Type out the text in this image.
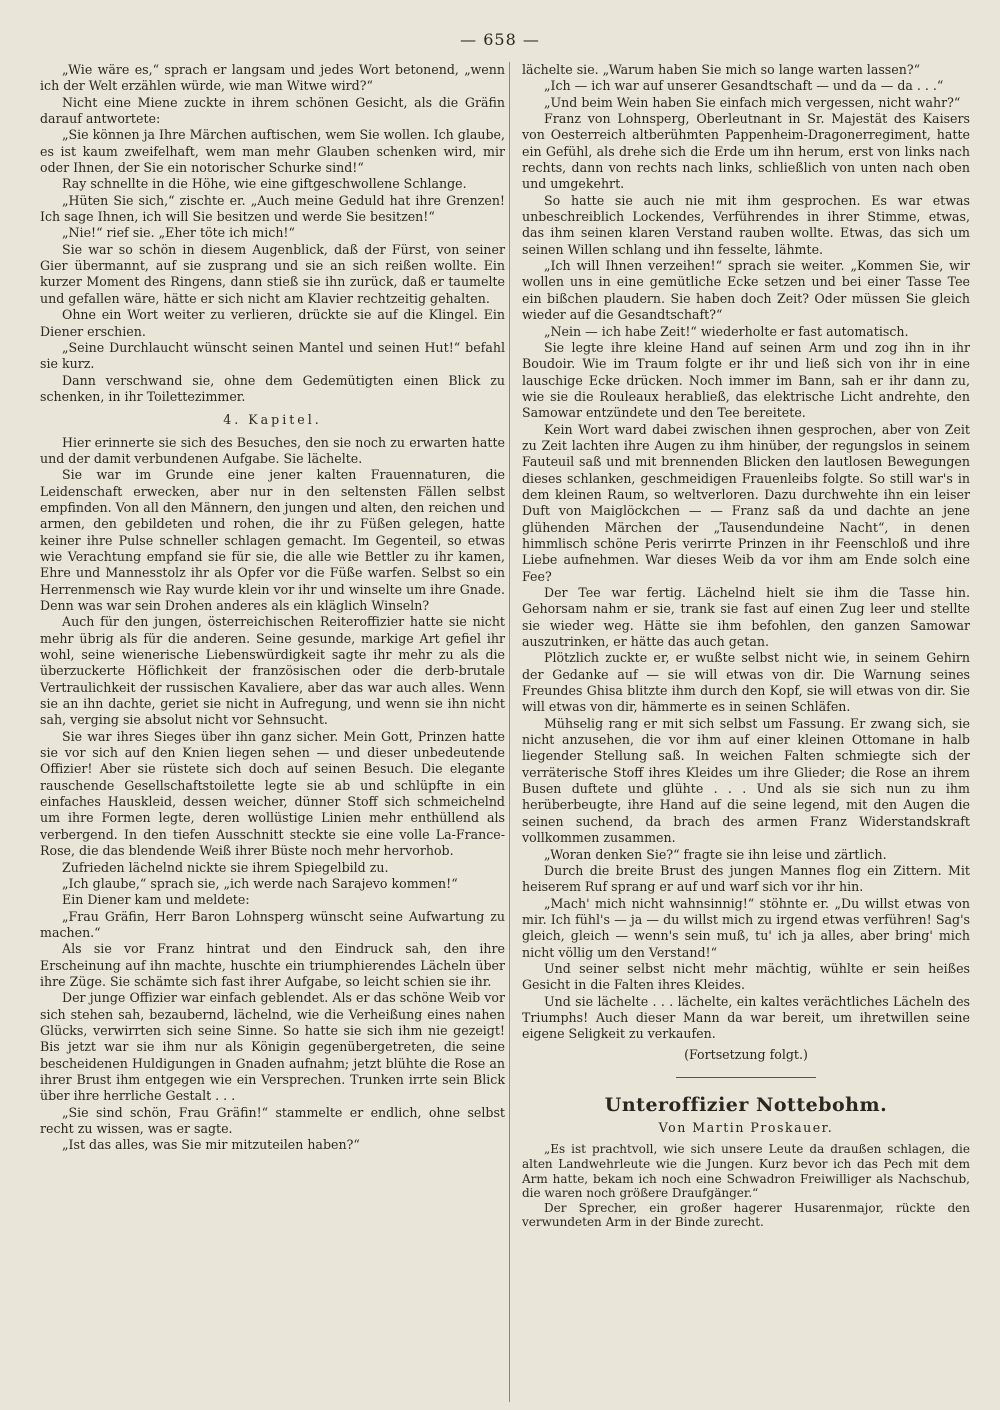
— 658 —

„Wie wäre es,“ sprach er langsam und jedes Wort betonend, „wenn ich der Welt erzählen würde, wie man Witwe wird?“

Nicht eine Miene zuckte in ihrem schönen Gesicht, als die Gräfin darauf antwortete:

„Sie können ja Ihre Märchen auftischen, wem Sie wollen. Ich glaube, es ist kaum zweifelhaft, wem man mehr Glauben schenken wird, mir oder Ihnen, der Sie ein notorischer Schurke sind!“

Ray schnellte in die Höhe, wie eine giftgeschwollene Schlange.

„Hüten Sie sich,“ zischte er. „Auch meine Geduld hat ihre Grenzen! Ich sage Ihnen, ich will Sie besitzen und werde Sie besitzen!“

„Nie!“ rief sie. „Eher töte ich mich!“

Sie war so schön in diesem Augenblick, daß der Fürst, von seiner Gier übermannt, auf sie zusprang und sie an sich reißen wollte. Ein kurzer Moment des Ringens, dann stieß sie ihn zurück, daß er taumelte und gefallen wäre, hätte er sich nicht am Klavier rechtzeitig gehalten.

Ohne ein Wort weiter zu verlieren, drückte sie auf die Klingel. Ein Diener erschien.

„Seine Durchlaucht wünscht seinen Mantel und seinen Hut!“ befahl sie kurz.

Dann verschwand sie, ohne dem Gedemütigten einen Blick zu schenken, in ihr Toilettezimmer.

4. Kapitel.

Hier erinnerte sie sich des Besuches, den sie noch zu erwarten hatte und der damit verbundenen Aufgabe. Sie lächelte.

Sie war im Grunde eine jener kalten Frauennaturen, die Leidenschaft erwecken, aber nur in den seltensten Fällen selbst empfinden. Von all den Männern, den jungen und alten, den reichen und armen, den gebildeten und rohen, die ihr zu Füßen gelegen, hatte keiner ihre Pulse schneller schlagen gemacht. Im Gegenteil, so etwas wie Verachtung empfand sie für sie, die alle wie Bettler zu ihr kamen, Ehre und Mannesstolz ihr als Opfer vor die Füße warfen. Selbst so ein Herrenmensch wie Ray wurde klein vor ihr und winselte um ihre Gnade. Denn was war sein Drohen anderes als ein kläglich Winseln?

Auch für den jungen, österreichischen Reiteroffizier hatte sie nicht mehr übrig als für die anderen. Seine gesunde, markige Art gefiel ihr wohl, seine wienerische Liebenswürdigkeit sagte ihr mehr zu als die überzuckerte Höflichkeit der französischen oder die derb-brutale Vertraulichkeit der russischen Kavaliere, aber das war auch alles. Wenn sie an ihn dachte, geriet sie nicht in Aufregung, und wenn sie ihn nicht sah, verging sie absolut nicht vor Sehnsucht.

Sie war ihres Sieges über ihn ganz sicher. Mein Gott, Prinzen hatte sie vor sich auf den Knien liegen sehen — und dieser unbedeutende Offizier! Aber sie rüstete sich doch auf seinen Besuch. Die elegante rauschende Gesellschaftstoilette legte sie ab und schlüpfte in ein einfaches Hauskleid, dessen weicher, dünner Stoff sich schmeichelnd um ihre Formen legte, deren wollüstige Linien mehr enthüllend als verbergend. In den tiefen Ausschnitt steckte sie eine volle La-France-Rose, die das blendende Weiß ihrer Büste noch mehr hervorhob.

Zufrieden lächelnd nickte sie ihrem Spiegelbild zu.

„Ich glaube,“ sprach sie, „ich werde nach Sarajevo kommen!“

Ein Diener kam und meldete:

„Frau Gräfin, Herr Baron Lohnsperg wünscht seine Aufwartung zu machen.“

Als sie vor Franz hintrat und den Eindruck sah, den ihre Erscheinung auf ihn machte, huschte ein triumphierendes Lächeln über ihre Züge. Sie schämte sich fast ihrer Aufgabe, so leicht schien sie ihr.

Der junge Offizier war einfach geblendet. Als er das schöne Weib vor sich stehen sah, bezaubernd, lächelnd, wie die Verheißung eines nahen Glücks, verwirrten sich seine Sinne. So hatte sie sich ihm nie gezeigt! Bis jetzt war sie ihm nur als Königin gegenübergetreten, die seine bescheidenen Huldigungen in Gnaden aufnahm; jetzt blühte die Rose an ihrer Brust ihm entgegen wie ein Versprechen. Trunken irrte sein Blick über ihre herrliche Gestalt . . .

„Sie sind schön, Frau Gräfin!“ stammelte er endlich, ohne selbst recht zu wissen, was er sagte.

„Ist das alles, was Sie mir mitzuteilen haben?“

lächelte sie. „Warum haben Sie mich so lange warten lassen?“

„Ich — ich war auf unserer Gesandtschaft — und da — da . . .“

„Und beim Wein haben Sie einfach mich vergessen, nicht wahr?“

Franz von Lohnsperg, Oberleutnant in Sr. Majestät des Kaisers von Oesterreich altberühmten Pappenheim-Dragonerregiment, hatte ein Gefühl, als drehe sich die Erde um ihn herum, erst von links nach rechts, dann von rechts nach links, schließlich von unten nach oben und umgekehrt.

So hatte sie auch nie mit ihm gesprochen. Es war etwas unbeschreiblich Lockendes, Verführendes in ihrer Stimme, etwas, das ihm seinen klaren Verstand rauben wollte. Etwas, das sich um seinen Willen schlang und ihn fesselte, lähmte.

„Ich will Ihnen verzeihen!“ sprach sie weiter. „Kommen Sie, wir wollen uns in eine gemütliche Ecke setzen und bei einer Tasse Tee ein bißchen plaudern. Sie haben doch Zeit? Oder müssen Sie gleich wieder auf die Gesandtschaft?“

„Nein — ich habe Zeit!“ wiederholte er fast automatisch.

Sie legte ihre kleine Hand auf seinen Arm und zog ihn in ihr Boudoir. Wie im Traum folgte er ihr und ließ sich von ihr in eine lauschige Ecke drücken. Noch immer im Bann, sah er ihr dann zu, wie sie die Rouleaux herabließ, das elektrische Licht andrehte, den Samowar entzündete und den Tee bereitete.

Kein Wort ward dabei zwischen ihnen gesprochen, aber von Zeit zu Zeit lachten ihre Augen zu ihm hinüber, der regungslos in seinem Fauteuil saß und mit brennenden Blicken den lautlosen Bewegungen dieses schlanken, geschmeidigen Frauenleibs folgte. So still war's in dem kleinen Raum, so weltverloren. Dazu durchwehte ihn ein leiser Duft von Maiglöckchen — — Franz saß da und dachte an jene glühenden Märchen der „Tausendundeine Nacht“, in denen himmlisch schöne Peris verirrte Prinzen in ihr Feenschloß und ihre Liebe aufnehmen. War dieses Weib da vor ihm am Ende solch eine Fee?

Der Tee war fertig. Lächelnd hielt sie ihm die Tasse hin. Gehorsam nahm er sie, trank sie fast auf einen Zug leer und stellte sie wieder weg. Hätte sie ihm befohlen, den ganzen Samowar auszutrinken, er hätte das auch getan.

Plötzlich zuckte er, er wußte selbst nicht wie, in seinem Gehirn der Gedanke auf — sie will etwas von dir. Die Warnung seines Freundes Ghisa blitzte ihm durch den Kopf, sie will etwas von dir. Sie will etwas von dir, hämmerte es in seinen Schläfen.

Mühselig rang er mit sich selbst um Fassung. Er zwang sich, sie nicht anzusehen, die vor ihm auf einer kleinen Ottomane in halb liegender Stellung saß. In weichen Falten schmiegte sich der verräterische Stoff ihres Kleides um ihre Glieder; die Rose an ihrem Busen duftete und glühte . . . Und als sie sich nun zu ihm herüberbeugte, ihre Hand auf die seine legend, mit den Augen die seinen suchend, da brach des armen Franz Widerstandskraft vollkommen zusammen.

„Woran denken Sie?“ fragte sie ihn leise und zärtlich.

Durch die breite Brust des jungen Mannes flog ein Zittern. Mit heiserem Ruf sprang er auf und warf sich vor ihr hin.

„Mach' mich nicht wahnsinnig!“ stöhnte er. „Du willst etwas von mir. Ich fühl's — ja — du willst mich zu irgend etwas verführen! Sag's gleich, gleich — wenn's sein muß, tu' ich ja alles, aber bring' mich nicht völlig um den Verstand!“

Und seiner selbst nicht mehr mächtig, wühlte er sein heißes Gesicht in die Falten ihres Kleides.

Und sie lächelte . . . lächelte, ein kaltes verächtliches Lächeln des Triumphs! Auch dieser Mann da war bereit, um ihretwillen seine eigene Seligkeit zu verkaufen.

(Fortsetzung folgt.)

Unteroffizier Nottebohm.

Von Martin Proskauer.

„Es ist prachtvoll, wie sich unsere Leute da draußen schlagen, die alten Landwehrleute wie die Jungen. Kurz bevor ich das Pech mit dem Arm hatte, bekam ich noch eine Schwadron Freiwilliger als Nachschub, die waren noch größere Draufgänger.“

Der Sprecher, ein großer hagerer Husarenmajor, rückte den verwundeten Arm in der Binde zurecht.
